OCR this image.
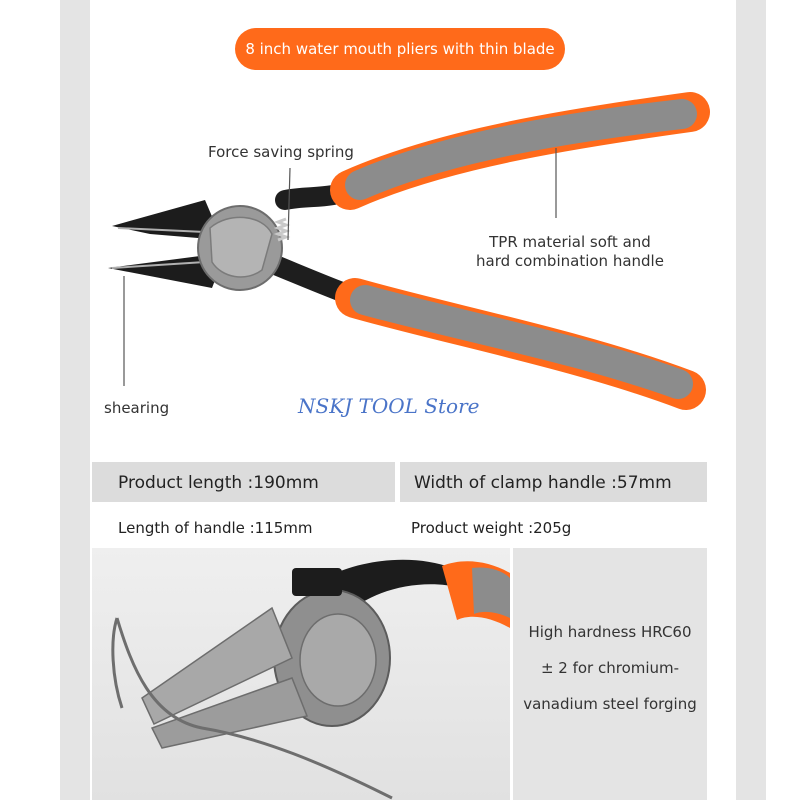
8 inch water mouth pliers with thin blade
Force saving spring
TPR material soft and
hard combination handle
shearing	NSKJ TOOL Store
Product length :190mm	Width of clamp handle :57mm
Length of handle :115mm	Product weight :205g
High hardness HRC60
± 2 for chromium-
vanadium steel forging
